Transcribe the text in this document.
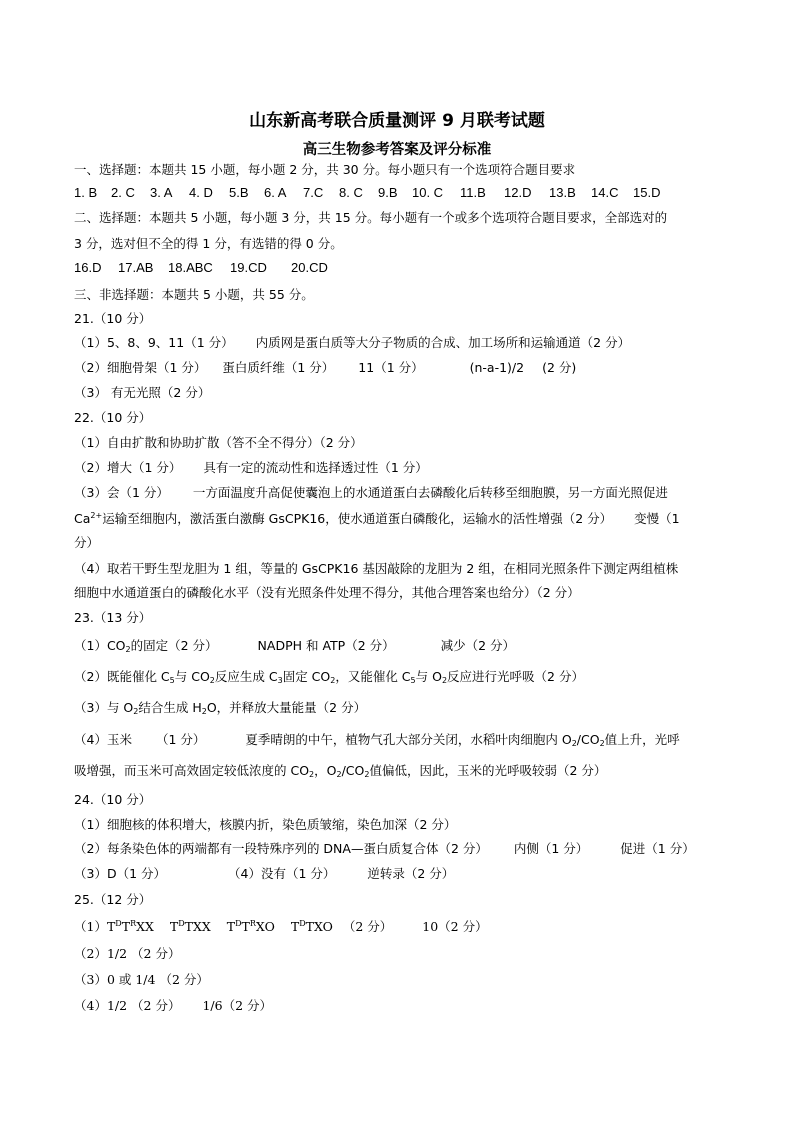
山东新高考联合质量测评 9 月联考试题
高三生物参考答案及评分标准
一、选择题：本题共 15 小题，每小题 2 分，共 30 分。每小题只有一个选项符合题目要求
1. B 2. C 3. A 4. D 5.B 6. A 7.C 8. C 9.B 10. C 11.B 12.D 13.B 14.C 15.D
二、选择题：本题共 5 小题，每小题 3 分，共 15 分。每小题有一个或多个选项符合题目要求，全部选对的
3 分，选对但不全的得 1 分，有选错的得 0 分。
16.D 17.AB 18.ABC 19.CD 20.CD
三、非选择题：本题共 5 小题，共 55 分。
21.（10 分）
（1）5、8、9、11（1 分） 内质网是蛋白质等大分子物质的合成、加工场所和运输通道（2 分）
（2）细胞骨架（1 分） 蛋白质纤维（1 分） 11（1 分）	(n-a-1)/2 (2 分)
（3） 有无光照（2 分）
22.（10 分）
（1）自由扩散和协助扩散（答不全不得分）（2 分）
（2）增大（1 分） 具有一定的流动性和选择透过性（1 分）
（3）会（1 分） 一方面温度升高促使囊泡上的水通道蛋白去磷酸化后转移至细胞膜，另一方面光照促进
$Ca^{2+}$运输至细胞内，激活蛋白激酶 GsCPK16，使水通道蛋白磷酸化，运输水的活性增强（2 分） 变慢（1
分）
（4）取若干野生型龙胆为 1 组，等量的 GsCPK16 基因敲除的龙胆为 2 组，在相同光照条件下测定两组植株
细胞中水通道蛋白的磷酸化水平（没有光照条件处理不得分，其他合理答案也给分）（2 分）
23.（13 分）
$(1)CO_2$的固定（2 分）	NADPH 和 ATP（2 分）	减少（2 分）
（2）既能催化 $C_5$与 $CO_2$反应生成 $C_3$固定 $CO_2$，又能催化 $C_5$与 $O_2$反应进行光呼吸（2 分）
（3）与 $O_2$结合生成 $H_2O$，并释放大量能量（2 分）
（4）玉米 （1 分）	夏季晴朗的中午，植物气孔大部分关闭，水稻叶肉细胞内 $O_2/CO_2$值上升，光呼
吸增强，而玉米可高效固定较低浓度的 $CO_2$，$O_2/CO_2$值偏低，因此，玉米的光呼吸较弱（2 分）
24.（10 分）
（1）细胞核的体积增大，核膜内折，染色质皱缩，染色加深（2 分）
（2）每条染色体的两端都有一段特殊序列的 DNA—蛋白质复合体（2 分） 内侧（1 分）	促进（1 分）
（3）D（1 分）	（4）没有（1 分）	逆转录（2 分）
25.（12 分）
$(1)T^DT^RXX$ $T^DTXX$ $T^DT^RXO$ $T^DTXO$ （2 分） 10（2 分）
（2）1/2 （2 分）
（3）0 或 1/4 （2 分）
（4）1/2 （2 分） 1/6（2 分）
